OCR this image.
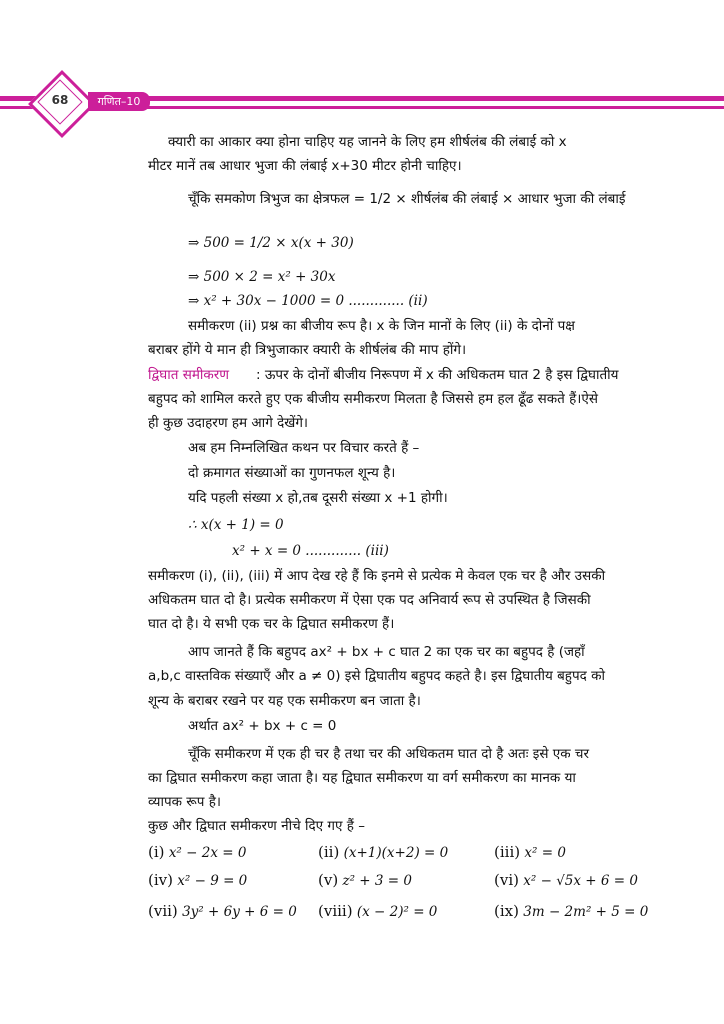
68	गणित–10
क्यारी का आकार क्या होना चाहिए यह जानने के लिए हम शीर्षलंब की लंबाई को x
मीटर मानें तब आधार भुजा की लंबाई x+30 मीटर होनी चाहिए।
चूँकि समकोण त्रिभुज का क्षेत्रफल = 1/2 × शीर्षलंब की लंबाई × आधार भुजा की लंबाई
⇒ 500 = 1/2 × x(x + 30)
⇒ 500 × 2 = x² + 30x
⇒ x² + 30x − 1000 = 0 ............. (ii)
समीकरण (ii) प्रश्न का बीजीय रूप है। x के जिन मानों के लिए (ii) के दोनों पक्ष
बराबर होंगे ये मान ही त्रिभुजाकार क्यारी के शीर्षलंब की माप होंगे।
द्विघात समीकरण : ऊपर के दोनों बीजीय निरूपण में x की अधिकतम घात 2 है इस द्विघातीय
बहुपद को शामिल करते हुए एक बीजीय समीकरण मिलता है जिससे हम हल ढूँढ सकते हैं।ऐसे
ही कुछ उदाहरण हम आगे देखेंगे।
अब हम निम्नलिखित कथन पर विचार करते हैं –
दो क्रमागत संख्याओं का गुणनफल शून्य है।
यदि पहली संख्या x हो,तब दूसरी संख्या x +1 होगी।
∴ x(x + 1) = 0
x² + x = 0 ............. (iii)
समीकरण (i), (ii), (iii) में आप देख रहे हैं कि इनमे से प्रत्येक मे केवल एक चर है और उसकी
अधिकतम घात दो है। प्रत्येक समीकरण में ऐसा एक पद अनिवार्य रूप से उपस्थित है जिसकी
घात दो है। ये सभी एक चर के द्विघात समीकरण हैं।
आप जानते हैं कि बहुपद ax² + bx + c घात 2 का एक चर का बहुपद है (जहाँ
a,b,c वास्तविक संख्याएँ और a ≠ 0) इसे द्विघातीय बहुपद कहते है। इस द्विघातीय बहुपद को
शून्य के बराबर रखने पर यह एक समीकरण बन जाता है।
अर्थात ax² + bx + c = 0
चूँकि समीकरण में एक ही चर है तथा चर की अधिकतम घात दो है अतः इसे एक चर
का द्विघात समीकरण कहा जाता है। यह द्विघात समीकरण या वर्ग समीकरण का मानक या
व्यापक रूप है।
कुछ और द्विघात समीकरण नीचे दिए गए हैं –
(i) x² − 2x = 0	(ii) (x+1)(x+2) = 0	(iii) x² = 0
(iv) x² − 9 = 0	(v) z² + 3 = 0	(vi) x² − √5x + 6 = 0
(vii) 3y² + 6y + 6 = 0 (viii) (x − 2)² = 0	(ix) 3m − 2m² + 5 = 0
